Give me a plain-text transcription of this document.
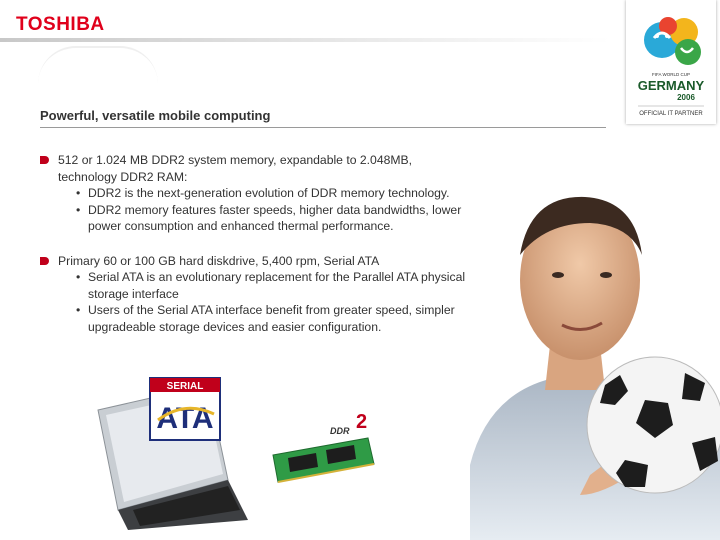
TOSHIBA
FIFA WORLD CUP
GERMANY
2006
OFFICIAL IT PARTNER
Powerful, versatile mobile computing
512 or 1.024 MB DDR2 system memory, expandable to 2.048MB, technology DDR2 RAM:
• DDR2 is the next-generation evolution of DDR memory technology.
• DDR2 memory features faster speeds, higher data bandwidths, lower power consumption and enhanced thermal performance.
Primary 60 or 100 GB hard diskdrive, 5,400 rpm, Serial ATA
• Serial ATA is an evolutionary replacement for the Parallel ATA physical storage interface
• Users of the Serial ATA interface benefit from greater speed, simpler upgradeable storage devices and easier configuration.
SERIAL
ATA	DDR 2
